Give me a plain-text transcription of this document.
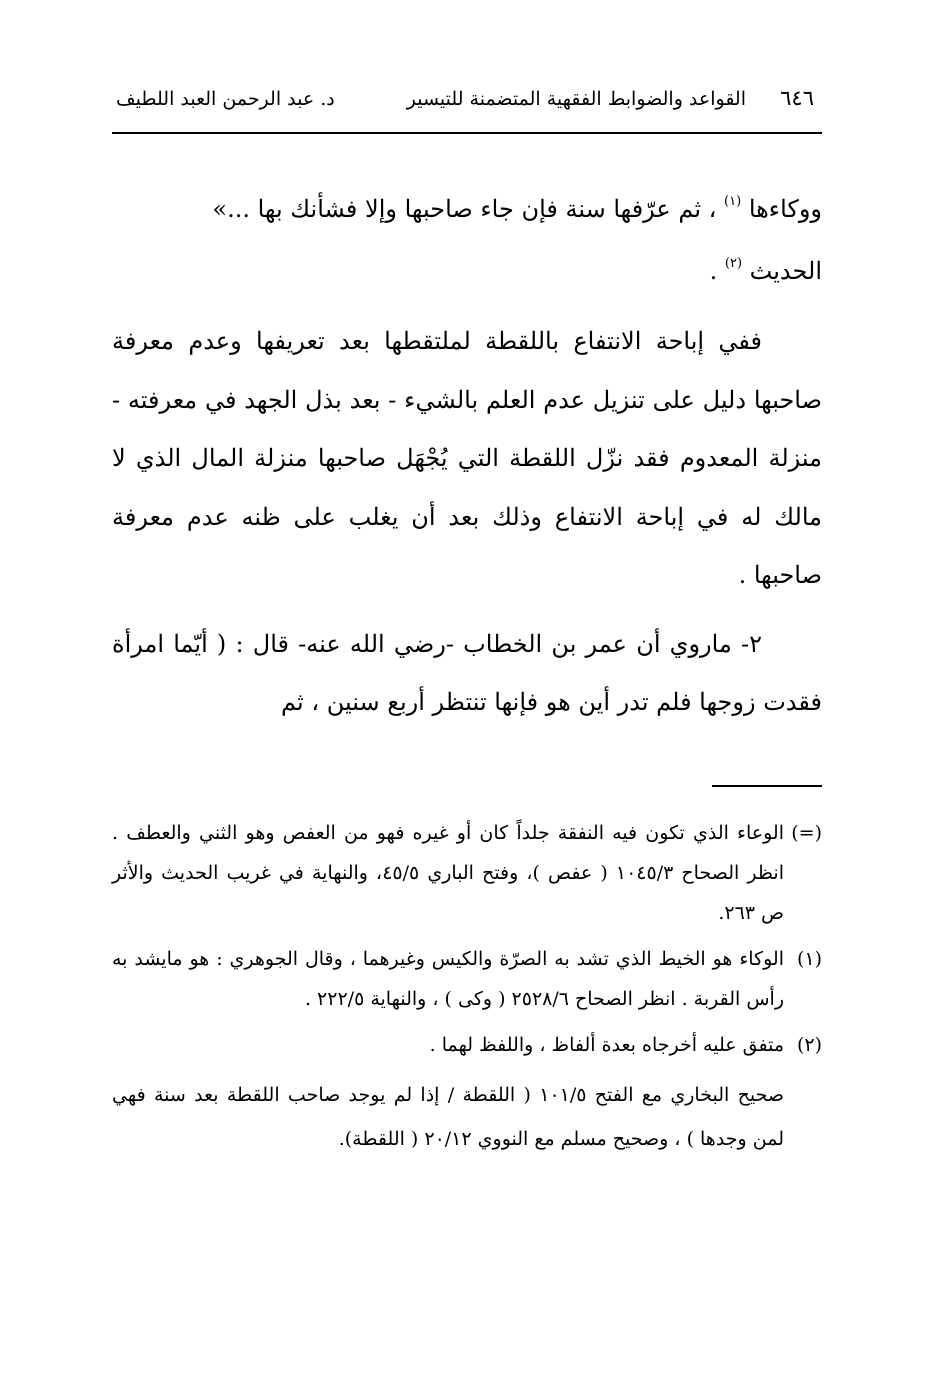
٦٤٦
القواعد والضوابط الفقهية المتضمنة للتيسير
د. عبد الرحمن العبد اللطيف

ووكاءها $^{(١)}$ ، ثم عرّفها سنة فإن جاء صاحبها وإلا فشأنك بها ...»
الحديث $^{(٢)}$ .

ففي إباحة الانتفاع باللقطة لملتقطها بعد تعريفها وعدم معرفة صاحبها دليل على تنزيل عدم العلم بالشيء - بعد بذل الجهد في معرفته - منزلة المعدوم فقد نزّل اللقطة التي يُجْهَل صاحبها منزلة المال الذي لا مالك له في إباحة الانتفاع وذلك بعد أن يغلب على ظنه عدم معرفة صاحبها .

٢- ماروي أن عمر بن الخطاب -رضي الله عنه- قال : ( أيّما امرأة فقدت زوجها فلم تدر أين هو فإنها تنتظر أربع سنين ، ثم

(=)
الوعاء الذي تكون فيه النفقة جلداً كان أو غيره فهو من العفص وهو الثني والعطف . انظر الصحاح ١٠٤٥/٣ ( عفص )، وفتح الباري ٤٥/٥، والنهاية في غريب الحديث والأثر ص ٢٦٣.

(١)
الوكاء هو الخيط الذي تشد به الصرّة والكيس وغيرهما ، وقال الجوهري : هو مايشد به رأس القربة . انظر الصحاح ٢٥٢٨/٦ ( وكى ) ، والنهاية ٢٢٢/٥ .

(٢)
متفق عليه أخرجاه بعدة ألفاظ ، واللفظ لهما .

صحيح البخاري مع الفتح ١٠١/٥ ( اللقطة / إذا لم يوجد صاحب اللقطة بعد سنة فهي لمن وجدها ) ، وصحيح مسلم مع النووي ٢٠/١٢ ( اللقطة).
